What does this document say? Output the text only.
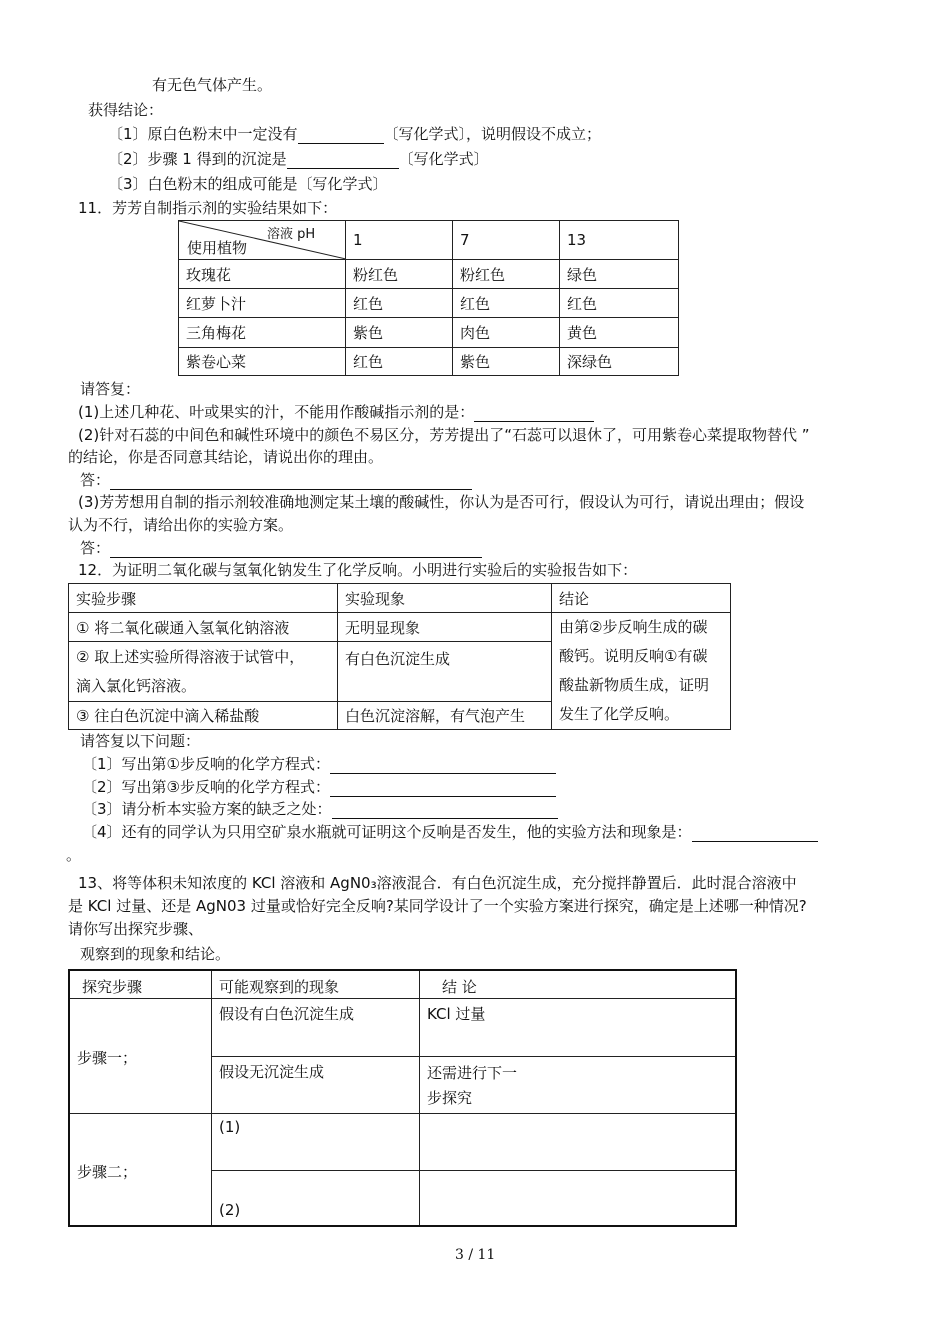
有无色气体产生。
获得结论：
〔1〕原白色粉末中一定没有	〔写化学式〕，说明假设不成立；
〔2〕步骤 1 得到的沉淀是	〔写化学式〕
〔3〕白色粉末的组成可能是〔写化学式〕
11．芳芳自制指示剂的实验结果如下：
溶液 pH
使用植物	1	7	13
玫瑰花	粉红色	粉红色	绿色
红萝卜汁	红色	红色	红色
三角梅花	紫色	肉色	黄色
紫卷心菜	红色	紫色	深绿色
请答复：
(1)上述几种花、叶或果实的汁，不能用作酸碱指示剂的是：
(2)针对石蕊的中间色和碱性环境中的颜色不易区分，芳芳提出了“石蕊可以退休了，可用紫卷心菜提取物替代 ”
的结论，你是否同意其结论，请说出你的理由。
答：
(3)芳芳想用自制的指示剂较准确地测定某土壤的酸碱性，你认为是否可行，假设认为可行，请说出理由；假设
认为不行，请给出你的实验方案。
答：
12．为证明二氧化碳与氢氧化钠发生了化学反响。小明进行实验后的实验报告如下：
实验步骤	实验现象	结论
① 将二氧化碳通入氢氧化钠溶液	无明显现象	由第②步反响生成的碳
酸钙。说明反响①有碳
酸盐新物质生成，证明
发生了化学反响。

② 取上述实验所得溶液于试管中，
滴入氯化钙溶液。	有白色沉淀生成	
③ 往白色沉淀中滴入稀盐酸	白色沉淀溶解，有气泡产生	
请答复以下问题：
〔1〕写出第①步反响的化学方程式：
〔2〕写出第③步反响的化学方程式：
〔3〕请分析本实验方案的缺乏之处：
〔4〕还有的同学认为只用空矿泉水瓶就可证明这个反响是否发生，他的实验方法和现象是：
。
13、将等体积未知浓度的 KCl 溶液和 AgN0₃溶液混合．有白色沉淀生成，充分搅拌静置后．此时混合溶液中
是 KCl 过量、还是 AgN03 过量或恰好完全反响?某同学设计了一个实验方案进行探究，确定是上述哪一种情况?
请你写出探究步骤、
观察到的现象和结论。
探究步骤	可能观察到的现象	结 论
步骤一；	假设有白色沉淀生成	KCl 过量
	假设无沉淀生成	还需进行下一
步探究

步骤二；	(1)	
	(2)	
3 / 11
